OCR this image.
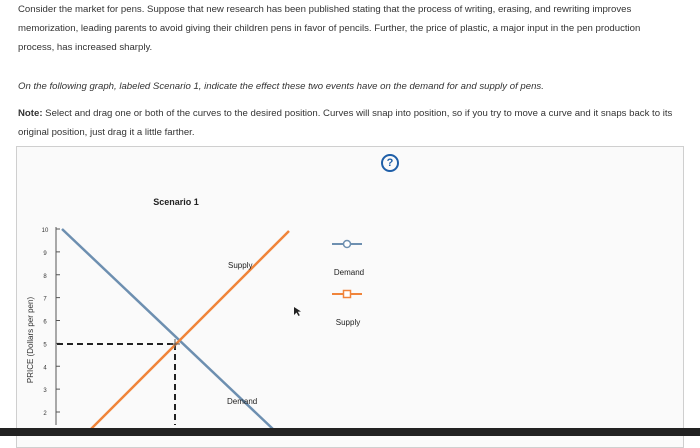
Consider the market for pens. Suppose that new research has been published stating that the process of writing, erasing, and rewriting improves memorization, leading parents to avoid giving their children pens in favor of pencils. Further, the price of plastic, a major input in the pen production process, has increased sharply.

On the following graph, labeled Scenario 1, indicate the effect these two events have on the demand for and supply of pens.

Note: Select and drag one or both of the curves to the desired position. Curves will snap into position, so if you try to move a curve and it snaps back to its original position, just drag it a little farther.

?
Scenario 1
PRICE (Dollars per pen)
10
9
8
7
6
5
4
3
2
Supply
Demand
Demand
Supply
